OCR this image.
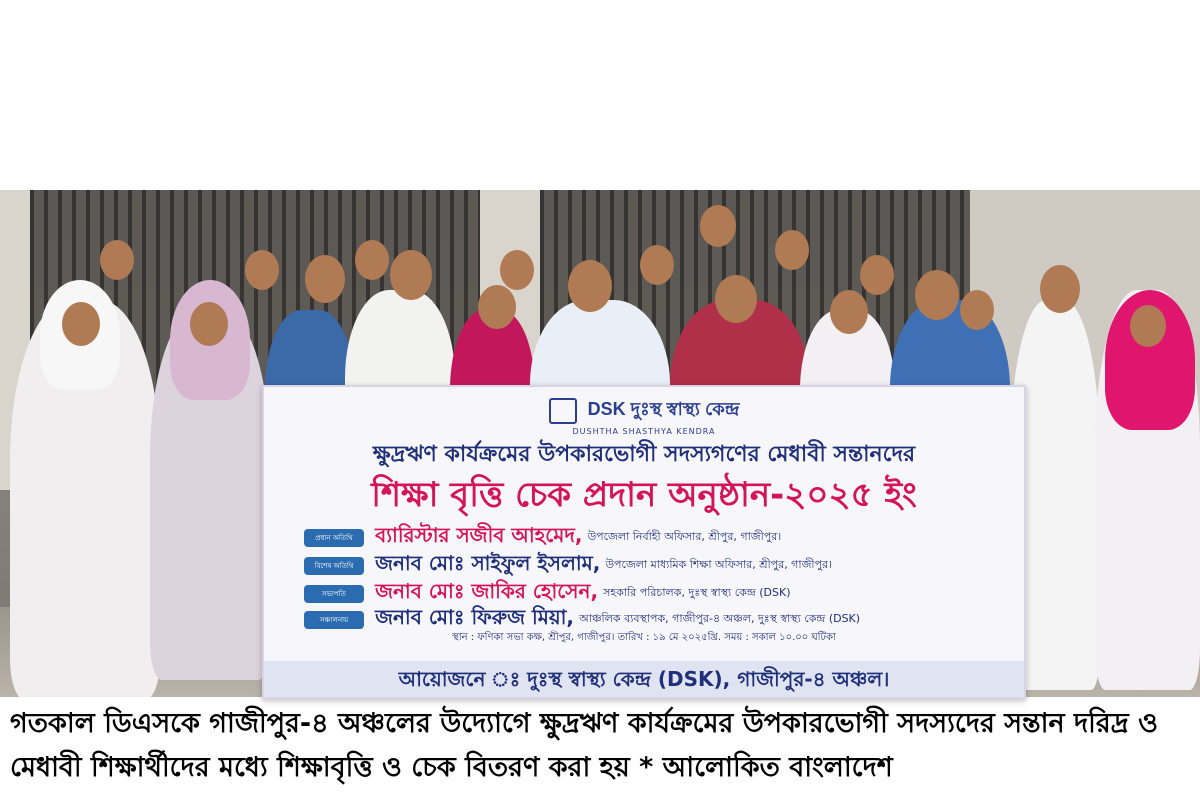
DSK দুঃস্থ স্বাস্থ্য কেন্দ্র
DUSHTHA SHASTHYA KENDRA
ক্ষুদ্রঋণ কার্যক্রমের উপকারভোগী সদস্যগণের মেধাবী সন্তানদের
শিক্ষা বৃত্তি চেক প্রদান অনুষ্ঠান-২০২৫ ইং
প্রধান অতিথি ব্যারিস্টার সজীব আহমেদ, উপজেলা নির্বাহী অফিসার, শ্রীপুর, গাজীপুর।
বিশেষ অতিথি জনাব মোঃ সাইফুল ইসলাম, উপজেলা মাধ্যমিক শিক্ষা অফিসার, শ্রীপুর, গাজীপুর।
সভাপতি জনাব মোঃ জাকির হোসেন, সহকারি পরিচালক, দুঃস্থ স্বাস্থ্য কেন্দ্র (DSK)
সঞ্চালনায় জনাব মোঃ ফিরুজ মিয়া, আঞ্চলিক ব্যবস্থাপক, গাজীপুর-৪ অঞ্চল, দুঃস্থ স্বাস্থ্য কেন্দ্র (DSK)
স্থান : ফণিকা সভা কক্ষ, শ্রীপুর, গাজীপুর। তারিখ : ১৯ মে ২০২৫খ্রি. সময় : সকাল ১০.০০ ঘটিকা
আয়োজনে ঃ দুঃস্থ স্বাস্থ্য কেন্দ্র (DSK), গাজীপুর-৪ অঞ্চল।
গতকাল ডিএসকে গাজীপুর-৪ অঞ্চলের উদ্যোগে ক্ষুদ্রঋণ কার্যক্রমের উপকারভোগী সদস্যদের সন্তান দরিদ্র ও
মেধাবী শিক্ষার্থীদের মধ্যে শিক্ষাবৃত্তি ও চেক বিতরণ করা হয় * আলোকিত বাংলাদেশ
